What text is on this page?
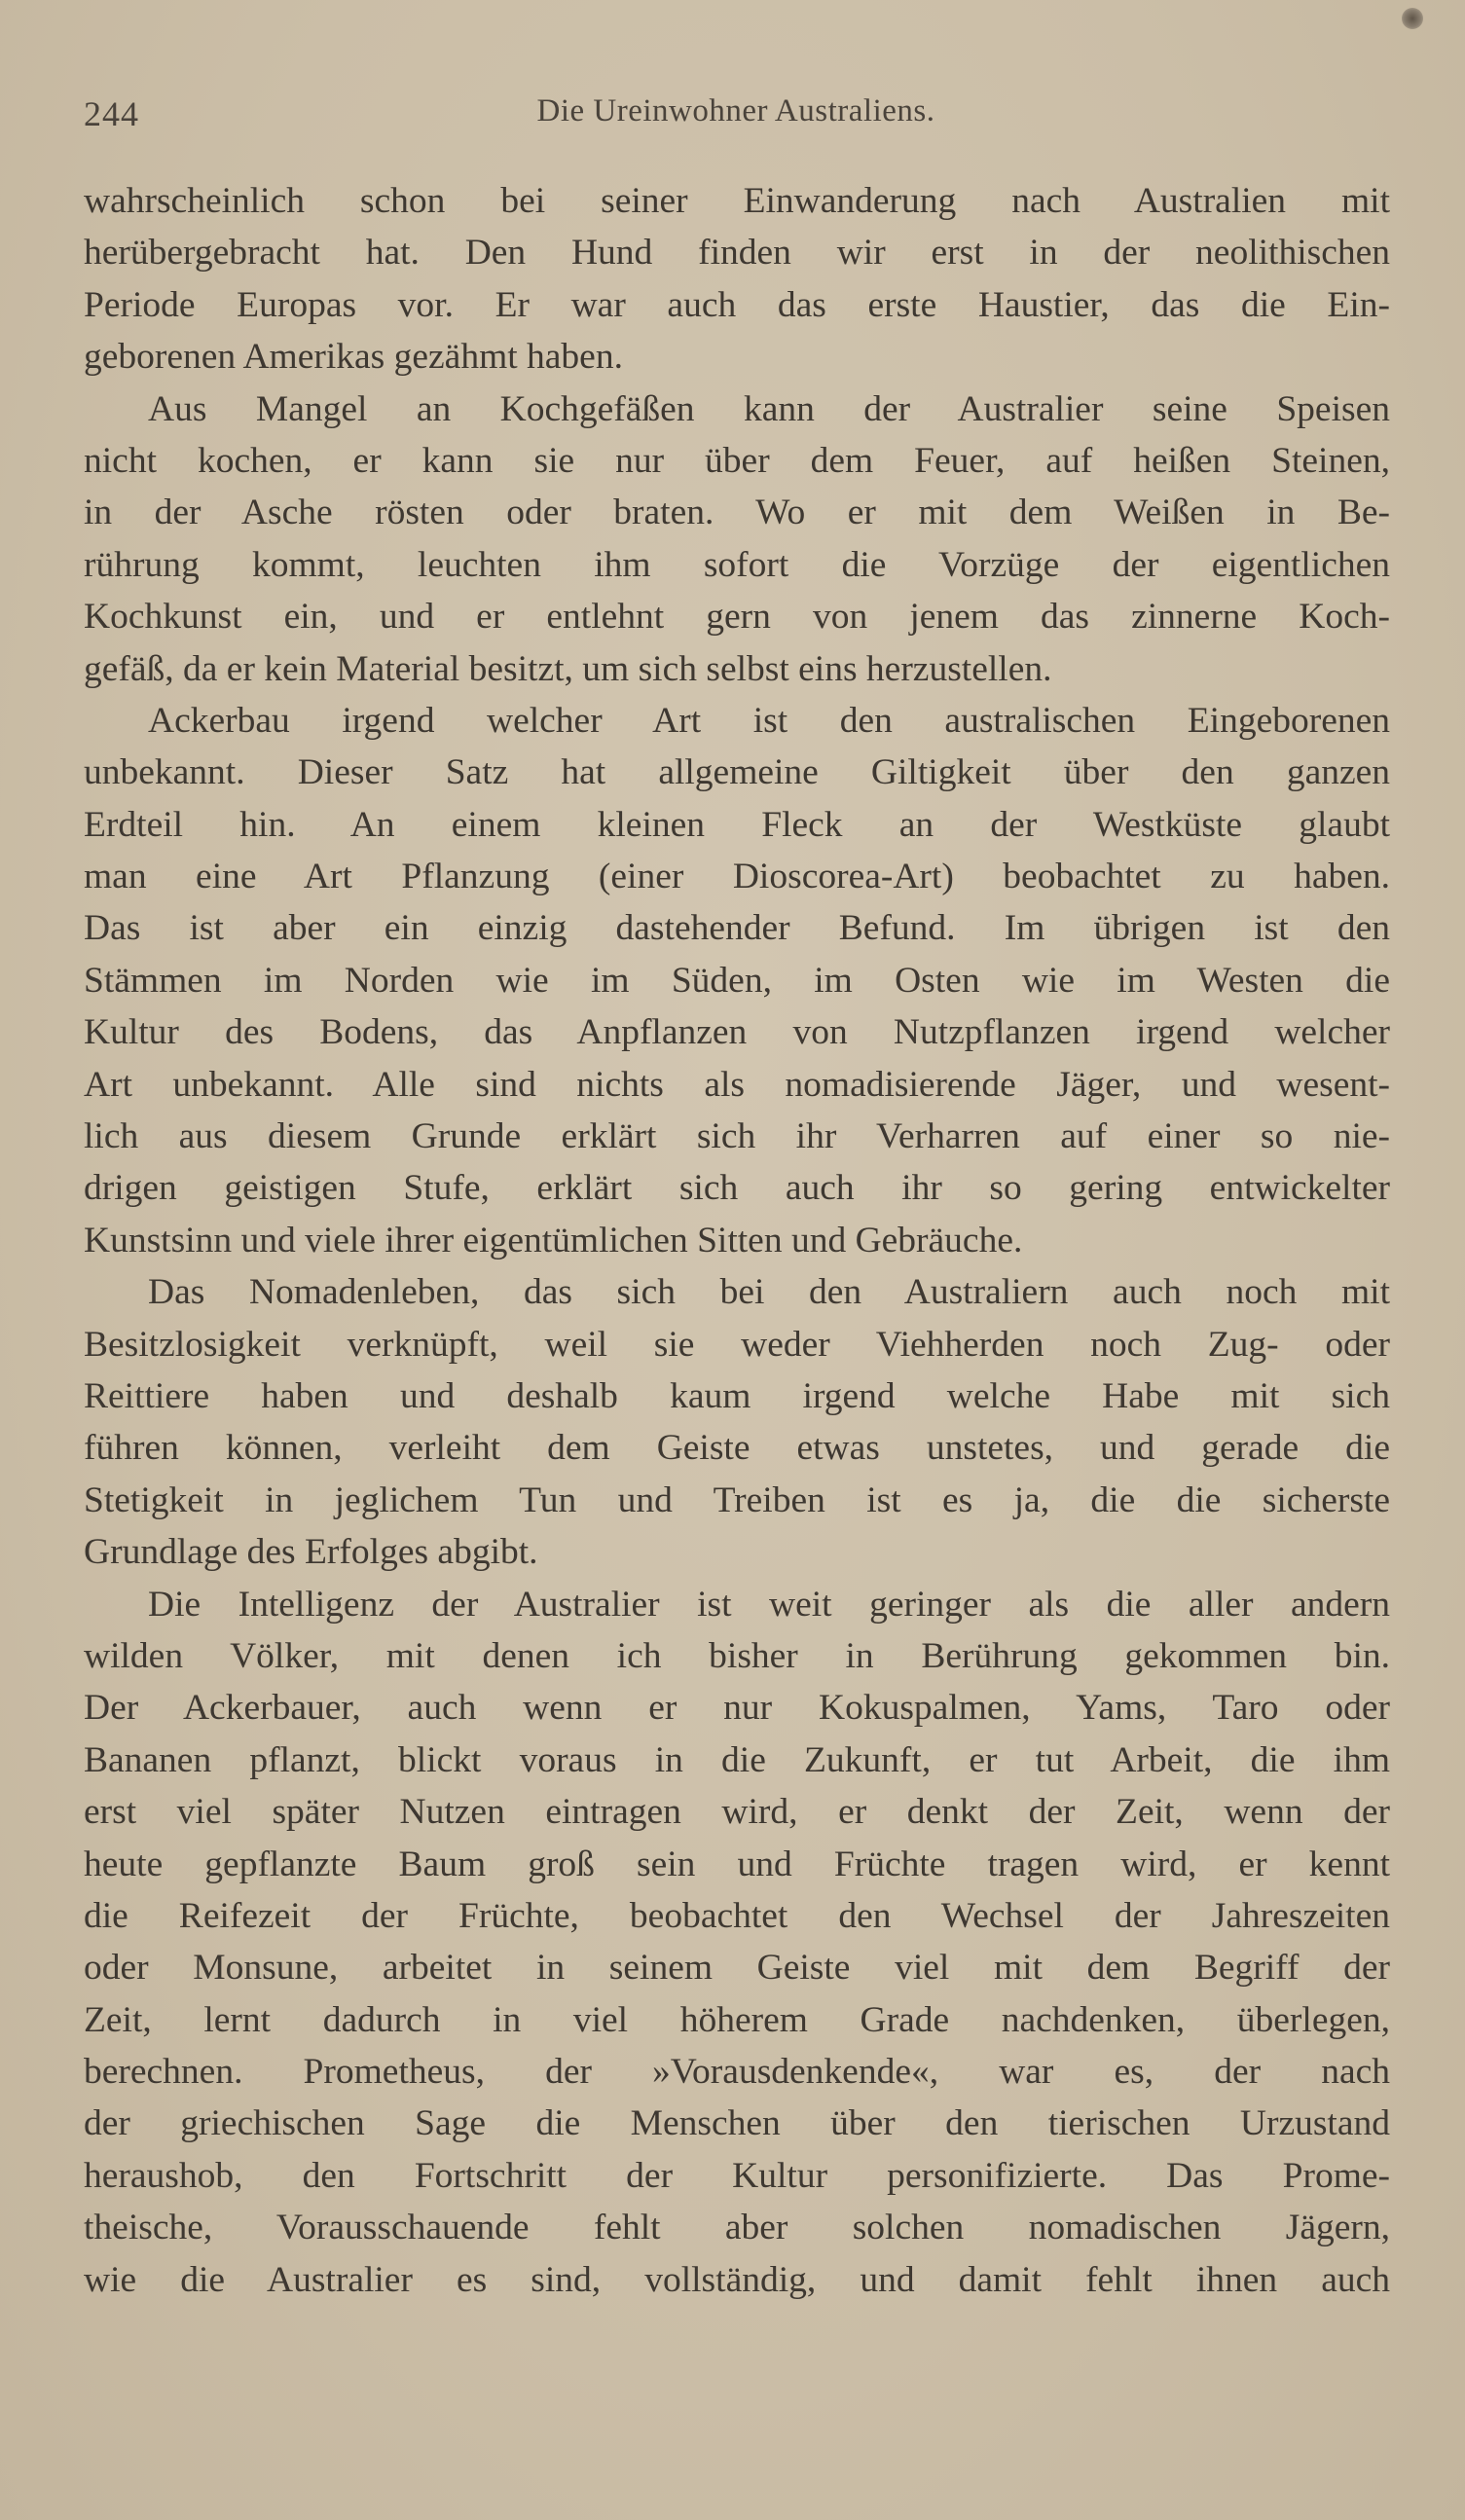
244	Die Ureinwohner Australiens.
wahrscheinlich schon bei seiner Einwanderung nach Australien mit
herübergebracht hat. Den Hund finden wir erst in der neolithischen
Periode Europas vor. Er war auch das erste Haustier, das die Ein-
geborenen Amerikas gezähmt haben.
Aus Mangel an Kochgefäßen kann der Australier seine Speisen
nicht kochen, er kann sie nur über dem Feuer, auf heißen Steinen,
in der Asche rösten oder braten. Wo er mit dem Weißen in Be-
rührung kommt, leuchten ihm sofort die Vorzüge der eigentlichen
Kochkunst ein, und er entlehnt gern von jenem das zinnerne Koch-
gefäß, da er kein Material besitzt, um sich selbst eins herzustellen.
Ackerbau irgend welcher Art ist den australischen Eingeborenen
unbekannt. Dieser Satz hat allgemeine Giltigkeit über den ganzen
Erdteil hin. An einem kleinen Fleck an der Westküste glaubt
man eine Art Pflanzung (einer Dioscorea-Art) beobachtet zu haben.
Das ist aber ein einzig dastehender Befund. Im übrigen ist den
Stämmen im Norden wie im Süden, im Osten wie im Westen die
Kultur des Bodens, das Anpflanzen von Nutzpflanzen irgend welcher
Art unbekannt. Alle sind nichts als nomadisierende Jäger, und wesent-
lich aus diesem Grunde erklärt sich ihr Verharren auf einer so nie-
drigen geistigen Stufe, erklärt sich auch ihr so gering entwickelter
Kunstsinn und viele ihrer eigentümlichen Sitten und Gebräuche.
Das Nomadenleben, das sich bei den Australiern auch noch mit
Besitzlosigkeit verknüpft, weil sie weder Viehherden noch Zug- oder
Reittiere haben und deshalb kaum irgend welche Habe mit sich
führen können, verleiht dem Geiste etwas unstetes, und gerade die
Stetigkeit in jeglichem Tun und Treiben ist es ja, die die sicherste
Grundlage des Erfolges abgibt.
Die Intelligenz der Australier ist weit geringer als die aller andern
wilden Völker, mit denen ich bisher in Berührung gekommen bin.
Der Ackerbauer, auch wenn er nur Kokuspalmen, Yams, Taro oder
Bananen pflanzt, blickt voraus in die Zukunft, er tut Arbeit, die ihm
erst viel später Nutzen eintragen wird, er denkt der Zeit, wenn der
heute gepflanzte Baum groß sein und Früchte tragen wird, er kennt
die Reifezeit der Früchte, beobachtet den Wechsel der Jahreszeiten
oder Monsune, arbeitet in seinem Geiste viel mit dem Begriff der
Zeit, lernt dadurch in viel höherem Grade nachdenken, überlegen,
berechnen. Prometheus, der »Vorausdenkende«, war es, der nach
der griechischen Sage die Menschen über den tierischen Urzustand
heraushob, den Fortschritt der Kultur personifizierte. Das Prome-
theische, Vorausschauende fehlt aber solchen nomadischen Jägern,
wie die Australier es sind, vollständig, und damit fehlt ihnen auch
